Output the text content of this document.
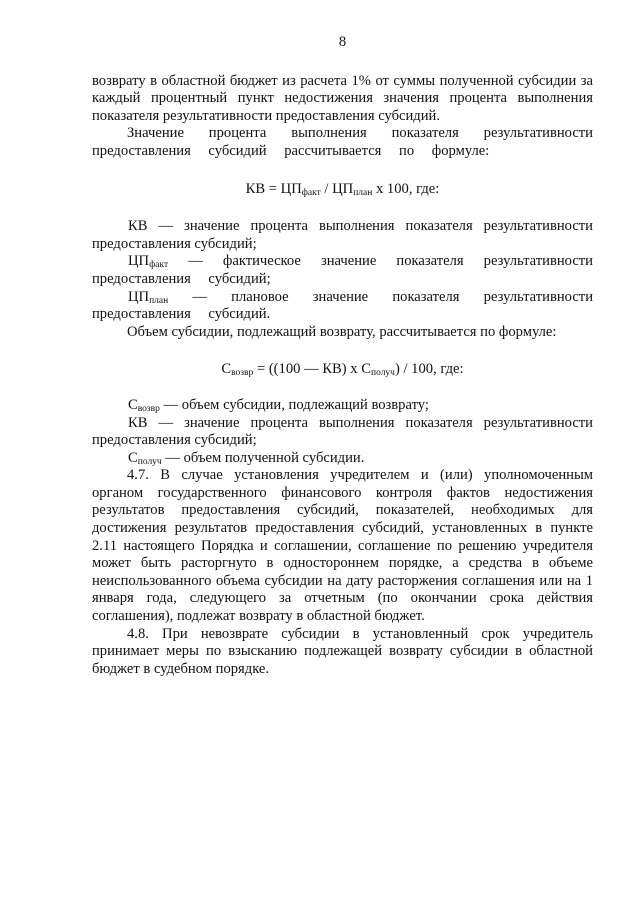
8

возврату в областной бюджет из расчета 1% от суммы полученной субсидии за каждый процентный пункт недостижения значения процента выполнения показателя результативности предоставления субсидий.

Значение процента выполнения показателя результативности предоставления субсидий рассчитывается по формуле:

КВ = $ЦП_{факт} / ЦП_{план}$ х 100, где:

КВ — значение процента выполнения показателя результативности предоставления субсидий;

$ЦП_{факт}$ — фактическое значение показателя результативности предоставления субсидий;

$ЦП_{план}$ — плановое значение показателя результативности предоставления субсидий.

Объем субсидии, подлежащий возврату, рассчитывается по формуле:

$С_{возвр} = ((100$ — КВ) х $С_{получ}) / 100$, где:

$С_{возвр}$ — объем субсидии, подлежащий возврату;

КВ — значение процента выполнения показателя результативности предоставления субсидий;

$С_{получ}$ — объем полученной субсидии.

4.7. В случае установления учредителем и (или) уполномоченным органом государственного финансового контроля фактов недостижения результатов предоставления субсидий, показателей, необходимых для достижения результатов предоставления субсидий, установленных в пункте 2.11 настоящего Порядка и соглашении, соглашение по решению учредителя может быть расторгнуто в одностороннем порядке, а средства в объеме неиспользованного объема субсидии на дату расторжения соглашения или на 1 января года, следующего за отчетным (по окончании срока действия соглашения), подлежат возврату в областной бюджет.

4.8. При невозврате субсидии в установленный срок учредитель принимает меры по взысканию подлежащей возврату субсидии в областной бюджет в судебном порядке.
